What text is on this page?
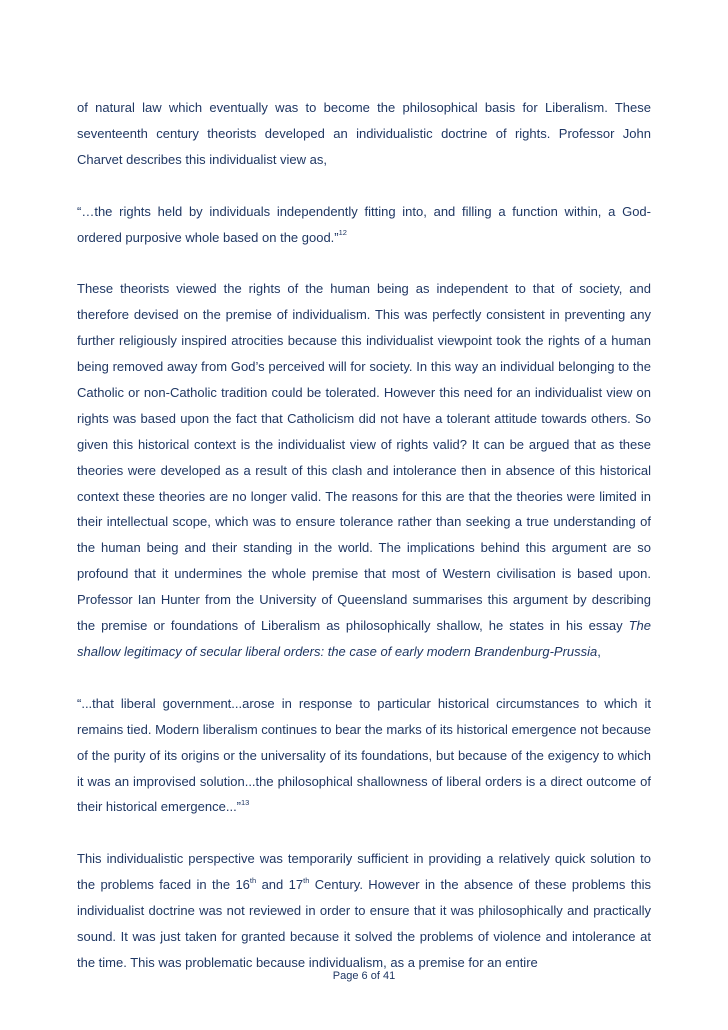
of natural law which eventually was to become the philosophical basis for Liberalism. These seventeenth century theorists developed an individualistic doctrine of rights. Professor John Charvet describes this individualist view as,

“…the rights held by individuals independently fitting into, and filling a function within, a God-ordered purposive whole based on the good.”$^{12}$

These theorists viewed the rights of the human being as independent to that of society, and therefore devised on the premise of individualism. This was perfectly consistent in preventing any further religiously inspired atrocities because this individualist viewpoint took the rights of a human being removed away from God’s perceived will for society. In this way an individual belonging to the Catholic or non-Catholic tradition could be tolerated. However this need for an individualist view on rights was based upon the fact that Catholicism did not have a tolerant attitude towards others. So given this historical context is the individualist view of rights valid? It can be argued that as these theories were developed as a result of this clash and intolerance then in absence of this historical context these theories are no longer valid. The reasons for this are that the theories were limited in their intellectual scope, which was to ensure tolerance rather than seeking a true understanding of the human being and their standing in the world. The implications behind this argument are so profound that it undermines the whole premise that most of Western civilisation is based upon. Professor Ian Hunter from the University of Queensland summarises this argument by describing the premise or foundations of Liberalism as philosophically shallow, he states in his essay The shallow legitimacy of secular liberal orders: the case of early modern Brandenburg-Prussia,

“...that liberal government...arose in response to particular historical circumstances to which it remains tied. Modern liberalism continues to bear the marks of its historical emergence not because of the purity of its origins or the universality of its foundations, but because of the exigency to which it was an improvised solution...the philosophical shallowness of liberal orders is a direct outcome of their historical emergence...”$^{13}$

This individualistic perspective was temporarily sufficient in providing a relatively quick solution to the problems faced in the 16th and 17th Century. However in the absence of these problems this individualist doctrine was not reviewed in order to ensure that it was philosophically and practically sound. It was just taken for granted because it solved the problems of violence and intolerance at the time. This was problematic because individualism, as a premise for an entire

Page 6 of 41
